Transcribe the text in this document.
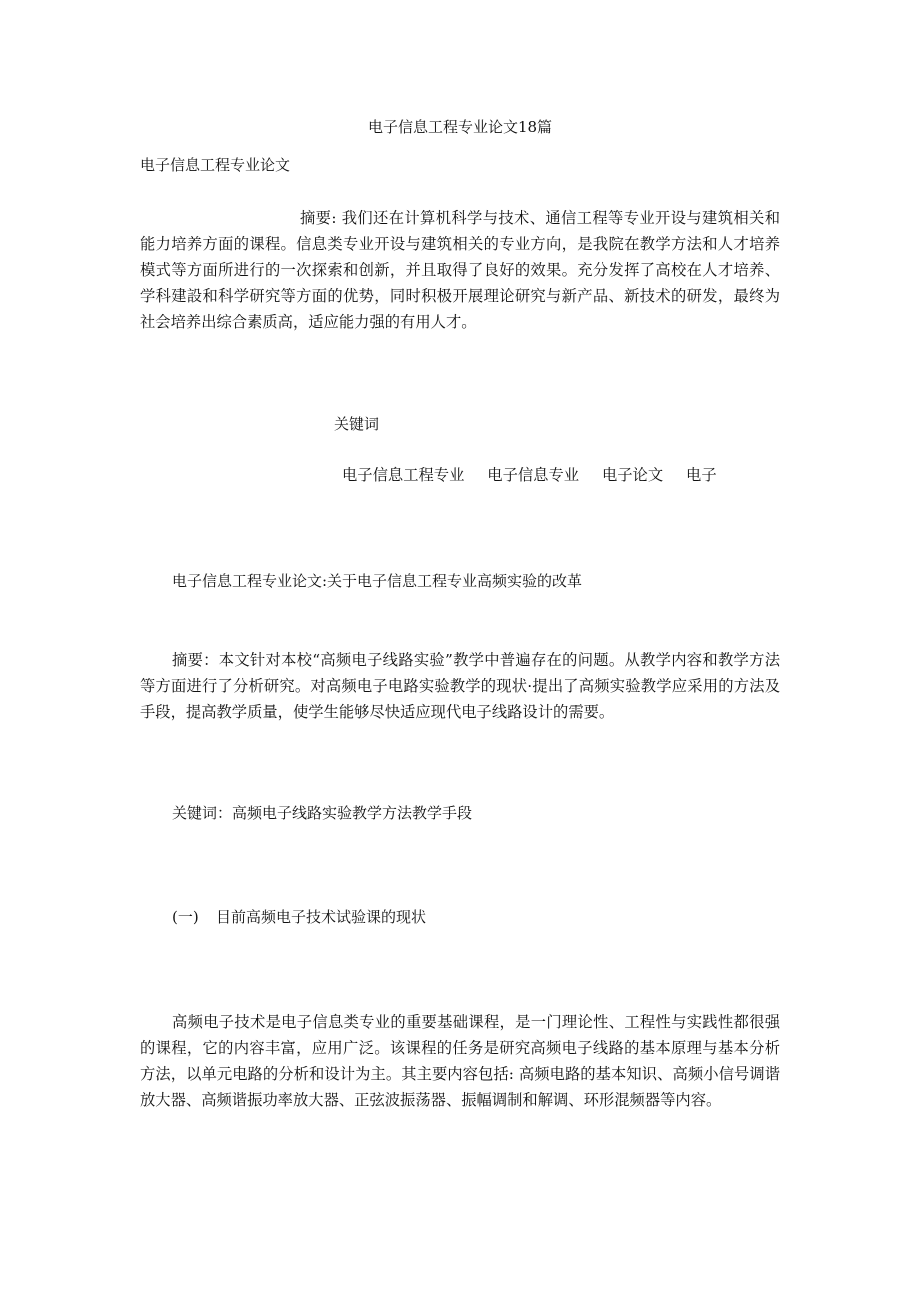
电子信息工程专业论文18篇
电子信息工程专业论文

摘要: 我们还在计算机科学与技术、通信工程等专业开设与建筑相关和能力培养方面的课程。信息类专业开设与建筑相关的专业方向，是我院在教学方法和人才培养模式等方面所进行的一次探索和创新，并且取得了良好的效果。充分发挥了高校在人才培养、学科建設和科学研究等方面的优势，同时积极开展理论研究与新产品、新技术的研发，最终为社会培养出综合素质高，适应能力强的有用人才。

关键词
电子信息工程专业 电子信息专业 电子论文 电子
电子信息工程专业论文:关于电子信息工程专业高频实验的改革

摘要：本文针对本校“高频电子线路实验”教学中普遍存在的问题。从教学内容和教学方法等方面进行了分析研究。对高频电子电路实验教学的现状·提出了高频实验教学应采用的方法及手段，提高教学质量，使学生能够尽快适应现代电子线路设计的需要。

关键词：高频电子线路实验教学方法教学手段
(一) 目前高频电子技术试验课的现状

高频电子技术是电子信息类专业的重要基础课程，是一门理论性、工程性与实践性都很强的课程，它的内容丰富，应用广泛。该课程的任务是研究高频电子线路的基本原理与基本分析方法，以单元电路的分析和设计为主。其主要内容包括: 高频电路的基本知识、高频小信号调谐放大器、高频谐振功率放大器、正弦波振荡器、振幅调制和解调、环形混频器等内容。
